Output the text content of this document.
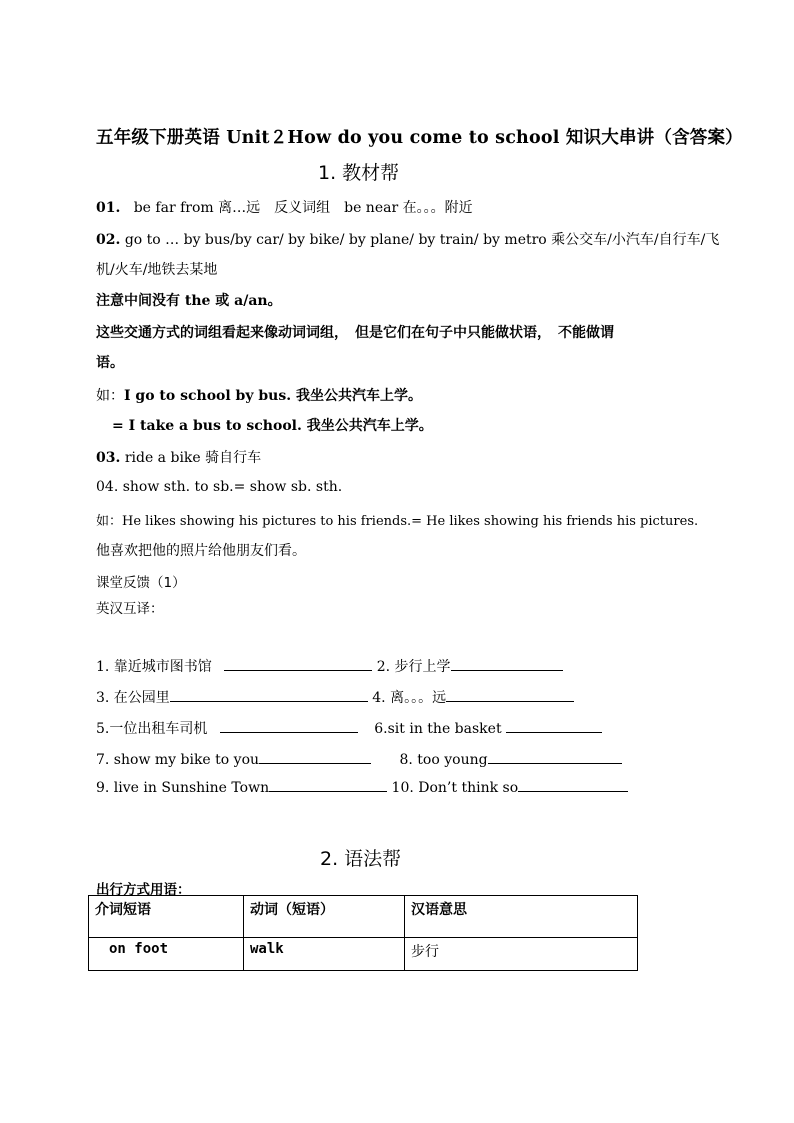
五年级下册英语 Unit２How do you come to school 知识大串讲（含答案）
1. 教材帮
01. be far from 离…远　反义词组　be near 在。。。附近
02. go to … by bus/by car/ by bike/ by plane/ by train/ by metro 乘公交车/小汽车/自行车/飞
机/火车/地铁去某地
注意中间没有 the 或 a/an。
这些交通方式的词组看起来像动词词组，　但是它们在句子中只能做状语，　不能做谓
语。
如：I go to school by bus. 我坐公共汽车上学。
= I take a bus to school. 我坐公共汽车上学。
03. ride a bike 骑自行车
04. show sth. to sb.= show sb. sth.
如：He likes showing his pictures to his friends.= He likes showing his friends his pictures.
他喜欢把他的照片给他朋友们看。
课堂反馈（1）
英汉互译：
1. 靠近城市图书馆	2. 步行上学
3. 在公园里	4. 离。。。远
5.一位出租车司机	6.sit in the basket
7. show my bike to you	8. too young
9. live in Sunshine Town	10. Don’t think so
2. 语法帮
出行方式用语：
介词短语	动词（短语）	汉语意思
on foot	walk	步行
